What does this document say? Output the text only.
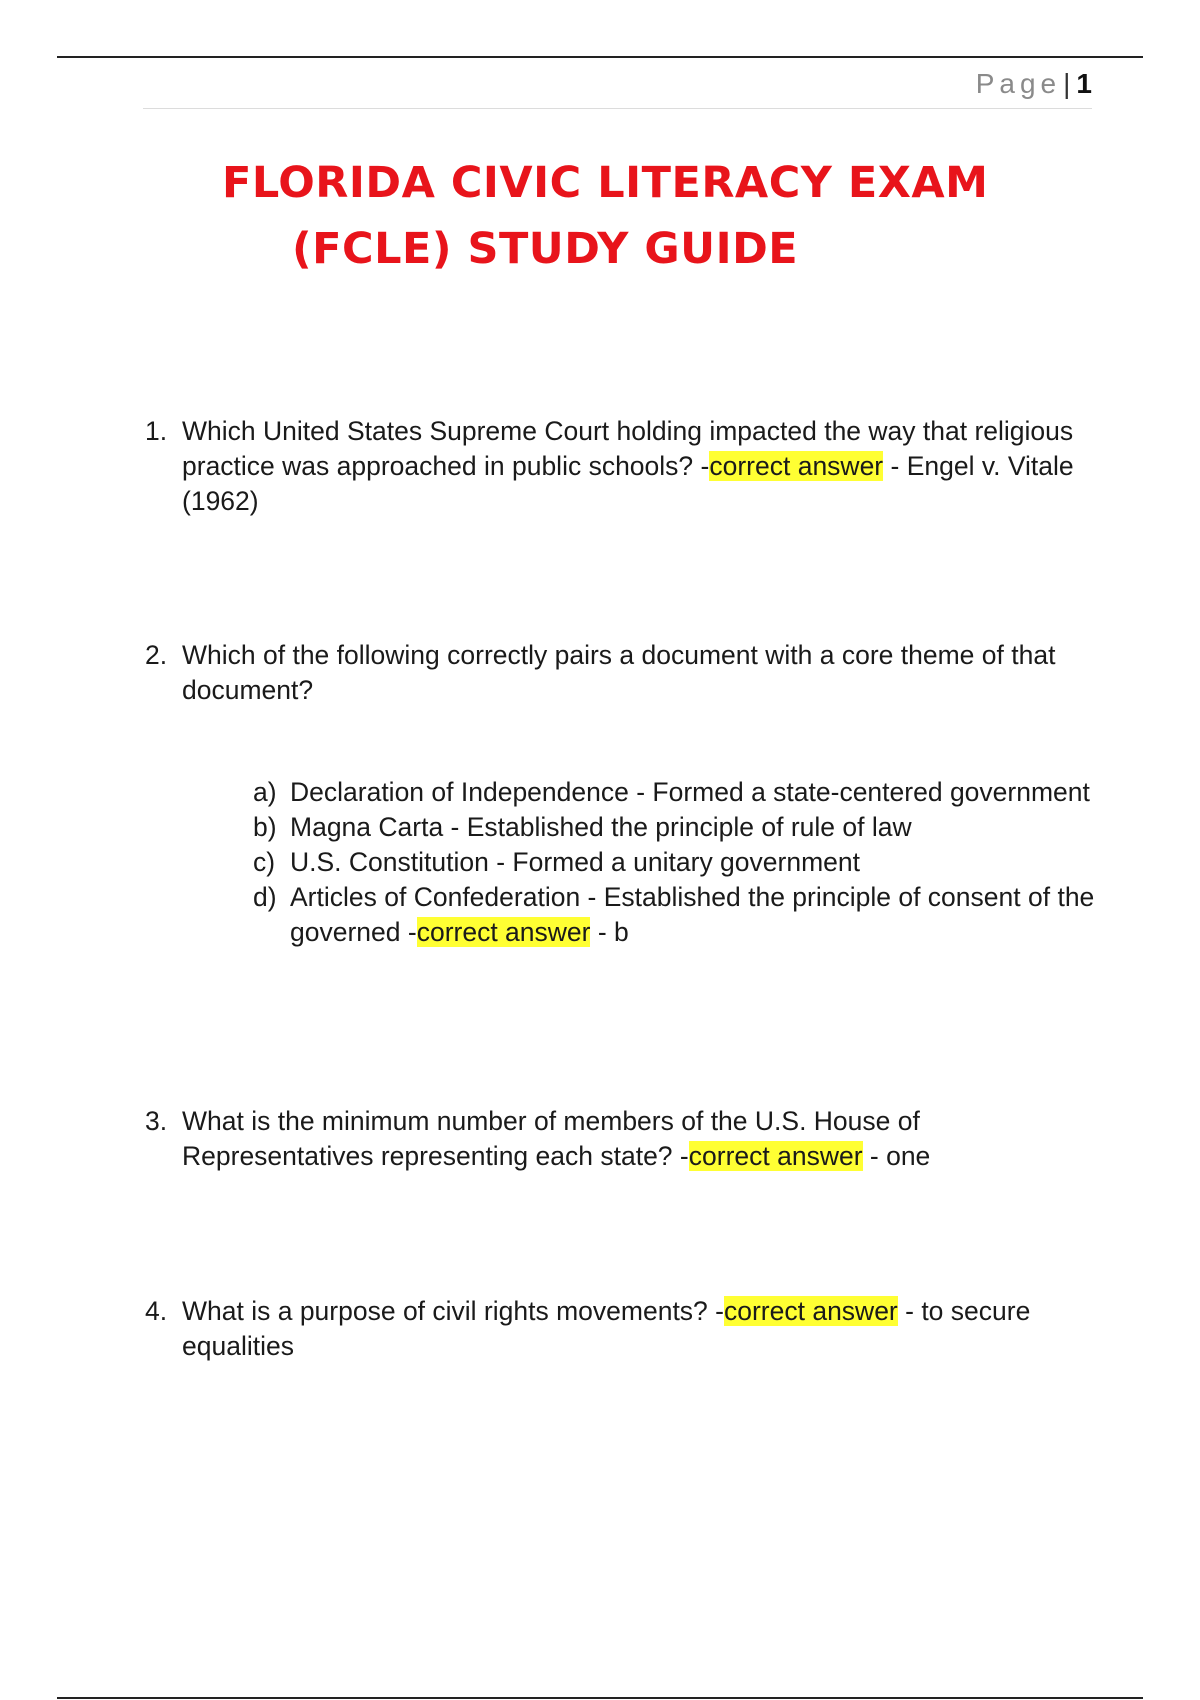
Page| 1
FLORIDA CIVIC LITERACY EXAM
(FCLE) STUDY GUIDE
1. Which United States Supreme Court holding impacted the way that religious practice was approached in public schools? -correct answer - Engel v. Vitale (1962)
2. Which of the following correctly pairs a document with a core theme of that document?
a) Declaration of Independence - Formed a state-centered government
b) Magna Carta - Established the principle of rule of law
c) U.S. Constitution - Formed a unitary government
d) Articles of Confederation - Established the principle of consent of the governed -correct answer - b
3. What is the minimum number of members of the U.S. House of Representatives representing each state? -correct answer - one
4. What is a purpose of civil rights movements? -correct answer - to secure equalities
